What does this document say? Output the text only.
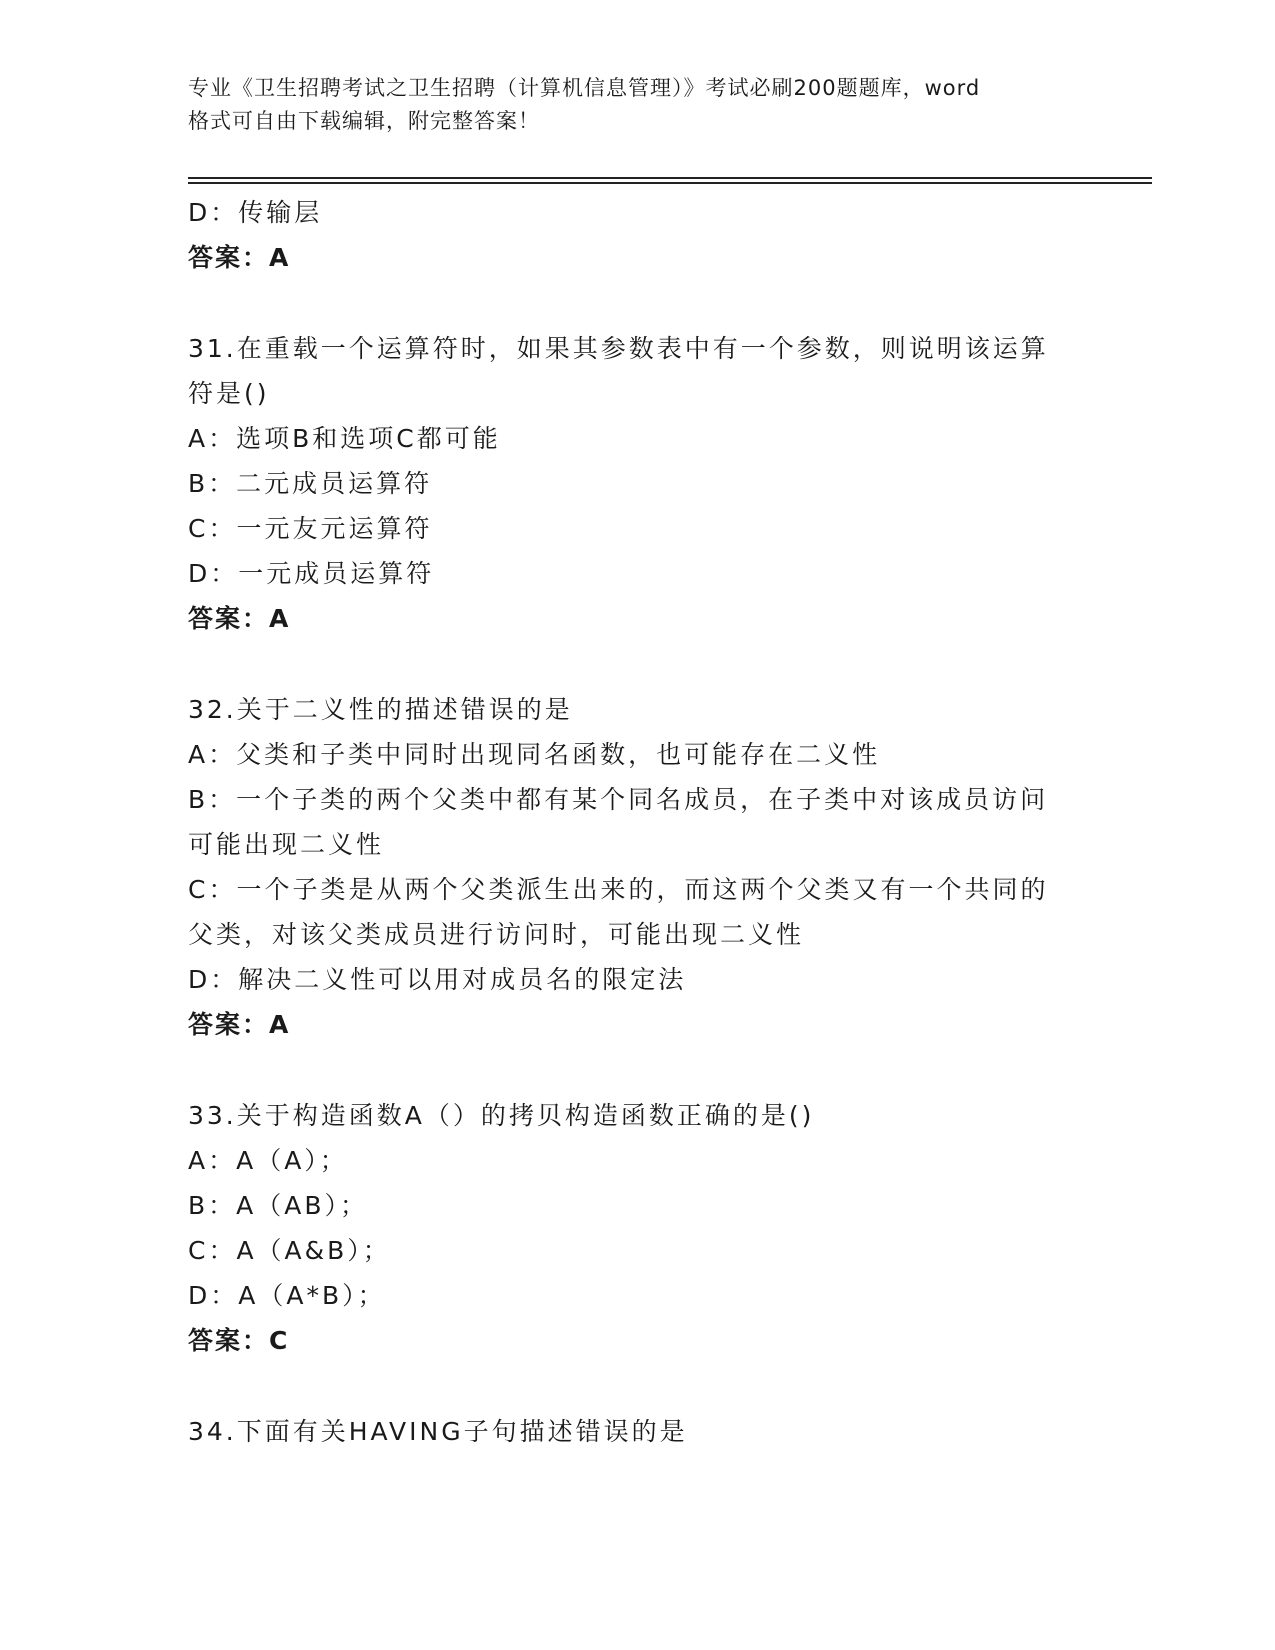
专业《卫生招聘考试之卫生招聘（计算机信息管理）》考试必刷200题题库，word
格式可自由下载编辑，附完整答案！
D：传输层
答案：A
31.在重载一个运算符时，如果其参数表中有一个参数，则说明该运算
符是()
A：选项B和选项C都可能
B：二元成员运算符
C：一元友元运算符
D：一元成员运算符
答案：A
32.关于二义性的描述错误的是
A：父类和子类中同时出现同名函数，也可能存在二义性
B：一个子类的两个父类中都有某个同名成员，在子类中对该成员访问
可能出现二义性
C：一个子类是从两个父类派生出来的，而这两个父类又有一个共同的
父类，对该父类成员进行访问时，可能出现二义性
D：解决二义性可以用对成员名的限定法
答案：A
33.关于构造函数A（）的拷贝构造函数正确的是()
A：A（A）；
B：A（AB）；
C：A（A&B）；
D：A（A*B）；
答案：C
34.下面有关HAVING子句描述错误的是
